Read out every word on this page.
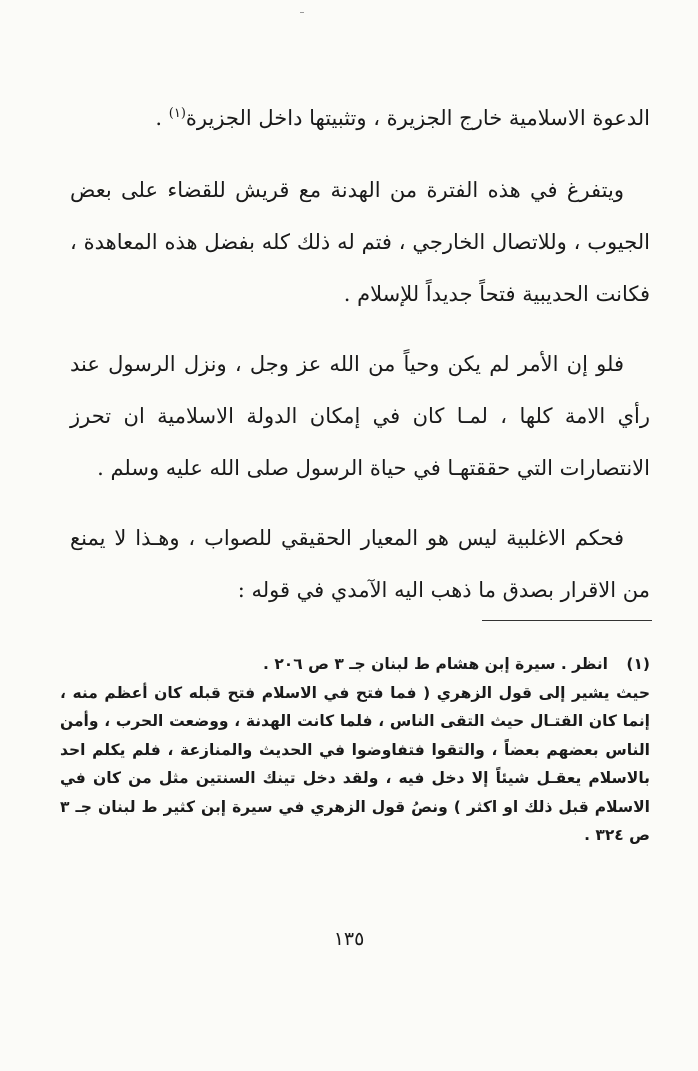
الدعوة الاسلامية خارج الجزيرة ، وتثبيتها داخل الجزيرة$^{(١)}$ .

ويتفرغ في هذه الفترة من الهدنة مع قريش للقضاء على بعض الجيوب ، وللاتصال الخارجي ، فتم له ذلك كله بفضل هذه المعاهدة ، فكانت الحديبية فتحاً جديداً للإسلام .

فلو إن الأمر لم يكن وحياً من الله عز وجل ، ونزل الرسول عند رأي الامة كلها ، لمـا كان في إمكان الدولة الاسلامية ان تحرز الانتصارات التي حققتهـا في حياة الرسول صلى الله عليه وسلم .

فحكم الاغلبية ليس هو المعيار الحقيقي للصواب ، وهـذا لا يمنع من الاقرار بصدق ما ذهب اليه الآمدي في قوله :

(١)انظر . سيرة إبن هشام ط لبنان جـ ٣ ص ٢٠٦ .
حيث يشير إلى قول الزهري ( فما فتح في الاسلام فتح قبله كان أعظم منه ، إنما كان القتـال حيث التقى الناس ، فلما كانت الهدنة ، ووضعت الحرب ، وأمن الناس بعضهم بعضاً ، والتقوا فتفاوضوا في الحديث والمنازعة ، فلم يكلم احد بالاسلام يعقـل شيئاً إلا دخل فيه ، ولقد دخل تينك السنتين مثل من كان في الاسلام قبل ذلك او اكثر ) ونصُ قول الزهري في سيرة إبن كثير ط لبنان جـ ٣ ص ٣٢٤ .
١٣٥
